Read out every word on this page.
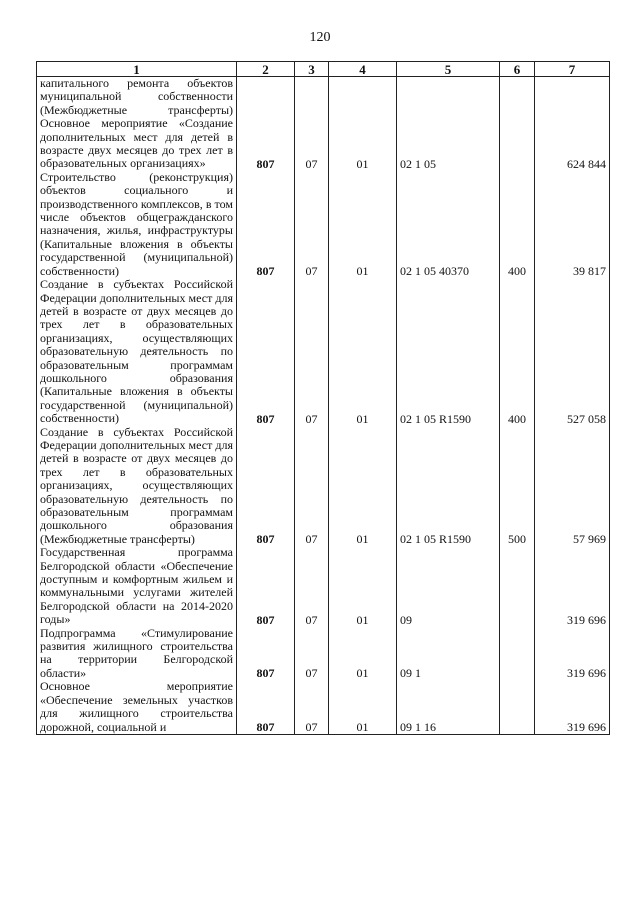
120
1	2	3	4	5	6	7
капитального ремонта объектов муниципальной собственности (Межбюджетные трансферты) Основное мероприятие «Создание дополнительных мест для детей в возрасте двух месяцев до трех лет в образовательных организациях»	807	07	01	02 1 05		624 844
Строительство (реконструкция) объектов социального и производственного комплексов, в том числе объектов общегражданского назначения, жилья, инфраструктуры (Капитальные вложения в объекты государственной (муниципальной) собственности)	807	07	01	02 1 05 40370	400	39 817
Создание в субъектах Российской Федерации дополнительных мест для детей в возрасте от двух месяцев до трех лет в образовательных организациях, осуществляющих образовательную деятельность по образовательным программам дошкольного образования (Капитальные вложения в объекты государственной (муниципальной) собственности)	807	07	01	02 1 05 R1590	400	527 058
Создание в субъектах Российской Федерации дополнительных мест для детей в возрасте от двух месяцев до трех лет в образовательных организациях, осуществляющих образовательную деятельность по образовательным программам дошкольного образования (Межбюджетные трансферты)	807	07	01	02 1 05 R1590	500	57 969
Государственная программа Белгородской области «Обеспечение доступным и комфортным жильем и коммунальными услугами жителей Белгородской области на 2014-2020 годы»	807	07	01	09		319 696
Подпрограмма «Стимулирование развития жилищного строительства на территории Белгородской области»	807	07	01	09 1		319 696
Основное мероприятие «Обеспечение земельных участков для жилищного строительства дорожной, социальной и	807	07	01	09 1 16		319 696
